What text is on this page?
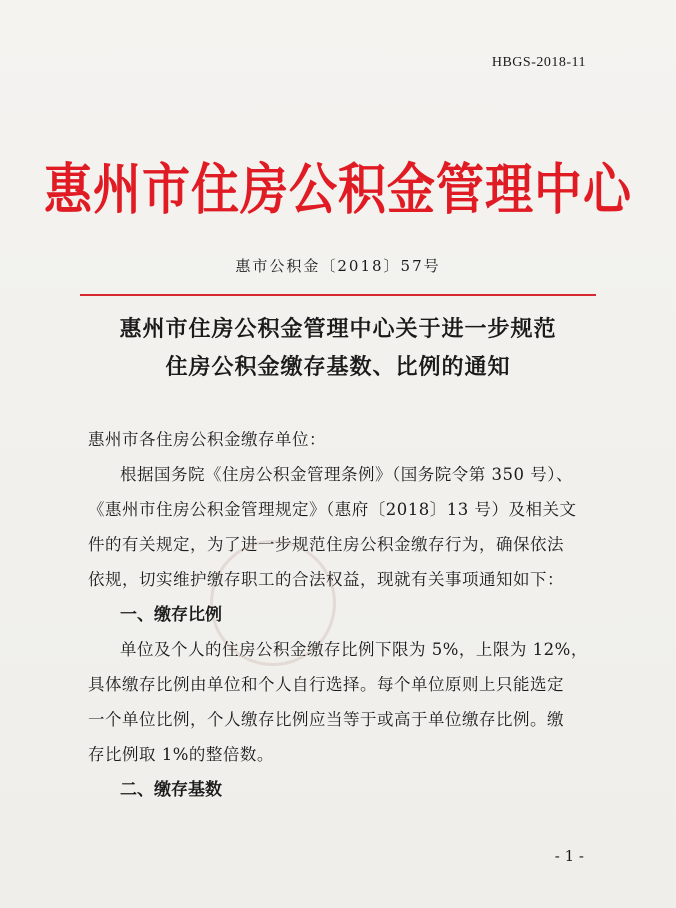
HBGS-2018-11
惠州市住房公积金管理中心
惠市公积金〔2018〕57号
惠州市住房公积金管理中心关于进一步规范
住房公积金缴存基数、比例的通知
惠州市各住房公积金缴存单位：
根据国务院《住房公积金管理条例》（国务院令第 350 号）、
《惠州市住房公积金管理规定》（惠府〔2018〕13 号）及相关文
件的有关规定，为了进一步规范住房公积金缴存行为，确保依法
依规，切实维护缴存职工的合法权益，现就有关事项通知如下：
一、缴存比例
单位及个人的住房公积金缴存比例下限为 5%，上限为 12%，
具体缴存比例由单位和个人自行选择。每个单位原则上只能选定
一个单位比例，个人缴存比例应当等于或高于单位缴存比例。缴
存比例取 1%的整倍数。
二、缴存基数
- 1 -
